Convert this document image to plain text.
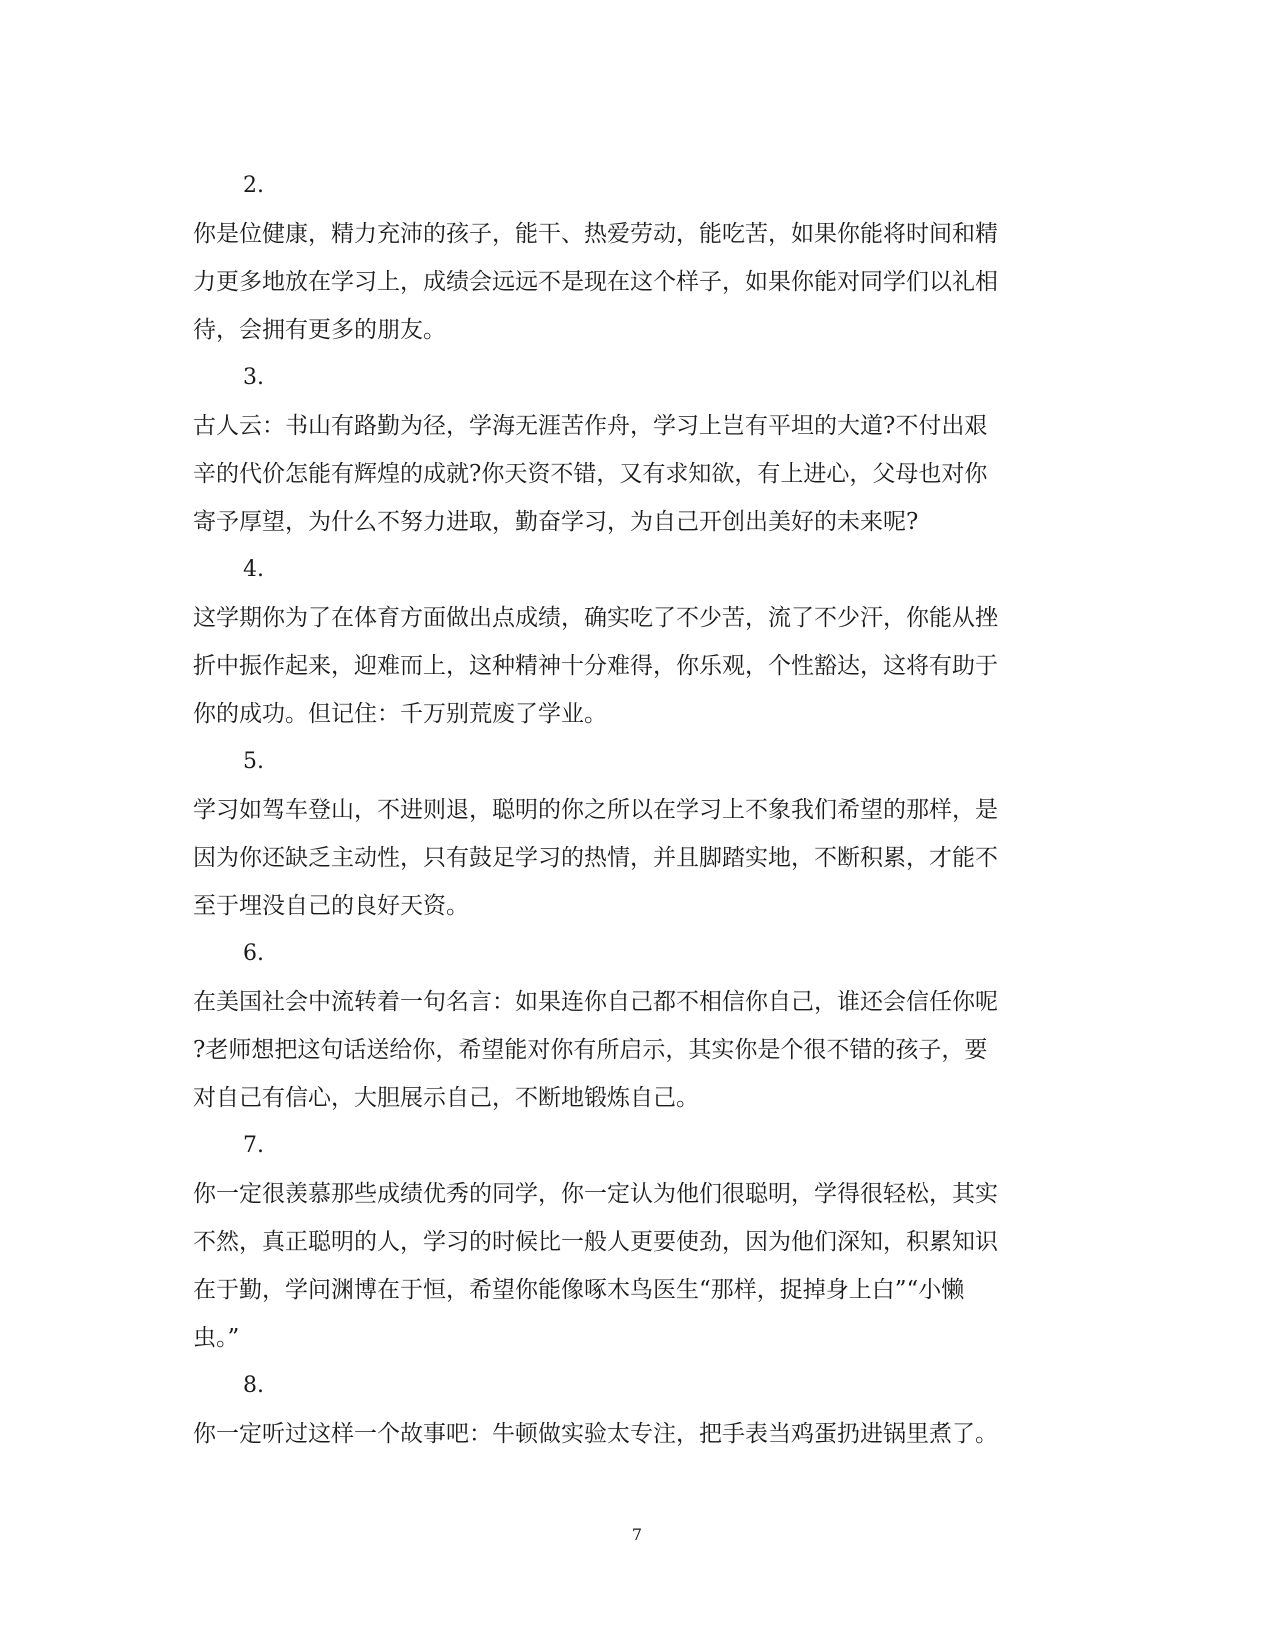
2.

你是位健康，精力充沛的孩子，能干、热爱劳动，能吃苦，如果你能将时间和精
力更多地放在学习上，成绩会远远不是现在这个样子，如果你能对同学们以礼相
待，会拥有更多的朋友。

3.

古人云：书山有路勤为径，学海无涯苦作舟，学习上岂有平坦的大道?不付出艰
辛的代价怎能有辉煌的成就?你天资不错，又有求知欲，有上进心，父母也对你
寄予厚望，为什么不努力进取，勤奋学习，为自己开创出美好的未来呢?

4.

这学期你为了在体育方面做出点成绩，确实吃了不少苦，流了不少汗，你能从挫
折中振作起来，迎难而上，这种精神十分难得，你乐观，个性豁达，这将有助于
你的成功。但记住：千万别荒废了学业。

5.

学习如驾车登山，不进则退，聪明的你之所以在学习上不象我们希望的那样，是
因为你还缺乏主动性，只有鼓足学习的热情，并且脚踏实地，不断积累，才能不
至于埋没自己的良好天资。

6.

在美国社会中流转着一句名言：如果连你自己都不相信你自己，谁还会信任你呢
?老师想把这句话送给你，希望能对你有所启示，其实你是个很不错的孩子，要
对自己有信心，大胆展示自己，不断地锻炼自己。

7.

你一定很羡慕那些成绩优秀的同学，你一定认为他们很聪明，学得很轻松，其实
不然，真正聪明的人，学习的时候比一般人更要使劲，因为他们深知，积累知识
在于勤，学问渊博在于恒，希望你能像啄木鸟医生“那样，捉掉身上白”“小懒
虫。”

8.

你一定听过这样一个故事吧：牛顿做实验太专注，把手表当鸡蛋扔进锅里煮了。

7
